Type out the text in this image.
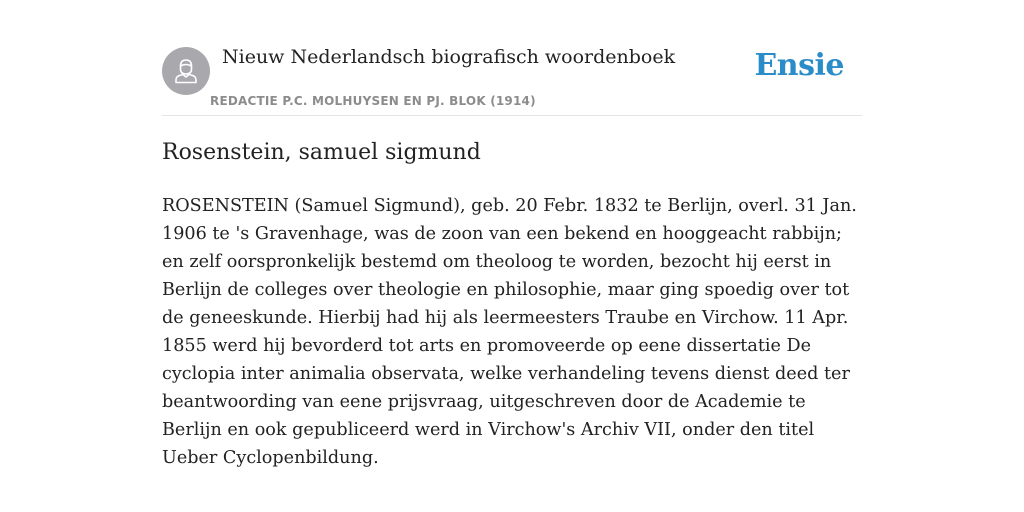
Nieuw Nederlandsch biografisch woordenboek
REDACTIE P.C. MOLHUYSEN EN PJ. BLOK (1914)
Ensie
Rosenstein, samuel sigmund

ROSENSTEIN (Samuel Sigmund), geb. 20 Febr. 1832 te Berlijn, overl. 31 Jan. 1906 te 's Gravenhage, was de zoon van een bekend en hooggeacht rabbijn; en zelf oorspronkelijk bestemd om theoloog te worden, bezocht hij eerst in Berlijn de colleges over theologie en philosophie, maar ging spoedig over tot de geneeskunde. Hierbij had hij als leermeesters Traube en Virchow. 11 Apr. 1855 werd hij bevorderd tot arts en promoveerde op eene dissertatie De cyclopia inter animalia observata, welke verhandeling tevens dienst deed ter beantwoording van eene prijsvraag, uitgeschreven door de Academie te Berlijn en ook gepubliceerd werd in Virchow's Archiv VII, onder den titel Ueber Cyclopenbildung.
